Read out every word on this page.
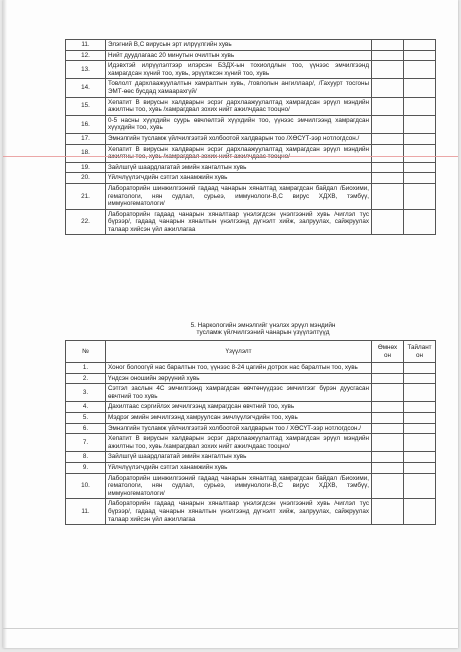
11.	Элэгний B,C вирусын эрт илрүүлгийн хувь		
12.	Нийт дуудлагаас 20 минутын очилтын хувь		
13.	Идэвхтэй илрүүлэлтээр илэрсэн БЗДХ-ын тохиолдлын тоо, үүнээс эмчилгээнд хамрагдсан хүний тоо, хувь, эрүүлжсэн хүний тоо, хувь		
14.	Товлолт дархлаажуулалтын хамралтын хувь, /товлолын ангиллаар/, /Гахуурт тосгоны ЭМТ-өөс бусдад хамаарахгүй/		
15.	Хепатит В вирусын халдварын эсрэг дархлаажуулалтад хамрагдсан эрүүл мэндийн ажилтны тоо, хувь /хамрагдвал зохих нийт ажилчдаас тооцно/		
16.	0-5 насны хүүхдийн суурь өвчлөлтэй хүүхдийн тоо, үүнээс эмчилгээнд хамрагдсан хүүхдийн тоо, хувь		
17.	Эмнэлгийн тусламж үйлчилгээтэй холбоотой халдварын тоо /ХӨСҮТ-ээр нотлогдсон./		
18.	Хепатит В вирусын халдварын эсрэг дархлаажуулалтад хамрагдсан эрүүл мэндийн		
19.	Зайлшгүй шаардлагатай эмийн хангалтын хувь		
20.	Үйлчлүүлэгчдийн сэтгэл ханамжийн хувь		
21.	Лабораторийн шинжилгээний гадаад чанарын хяналтад хамрагдсан байдал /Биохими, гематологи, нян судлал, сурьеэ, иммунологи-В,С вирус ХДХВ, тэмбүү, иммуногематологи/		
22.	Лабораторийн гадаад чанарын хяналтаар үнэлэгдсэн үнэлгээний хувь /чиглэл тус бүрээр/, гадаад чанарын хяналтын үнэлгээнд дүгнэлт хийж, залруулах, сайжруулах талаар хийсэн үйл ажиллагаа		
5. Наркологийн эмнэлгийг үнэлэх эрүүл мэндийн
тусламж үйлчилгээний чанарын үзүүлэлтүүд
№	Үзүүлэлт	Өмнөх он	Тайлант он
1.	Хоног болоогүй нас баралтын тоо, үүнээс 8-24 цагийн дотрох нас баралтын тоо, хувь		
2.	Үндсэн оношийн зөрүүний хувь		
3.	Сэтгэл заслын 4С эмчилгээнд хамрагдсан өвчтөнүүдээс эмчилгээг бүрэн дуусгасан өвчтний тоо хувь		
4.	Дахилтаас сэргийлэх эмчилгээнд хамрагдсан өвчтний тоо, хувь		
5.	Мэдрэг эмийн эмчилгээнд хамруулсан эмчлүүлэгчдийн тоо, хувь		
6.	Эмнэлгийн тусламж үйлчилгээтэй холбоотой халдварын тоо / ХӨСҮТ-ээр нотлогдсон./		
7.	Хепатит В вирусын халдварын эсрэг дархлаажуулалтад хамрагдсан эрүүл мэндийн ажилтны тоо, хувь /хамрагдвал зохих нийт ажилчдаас тооцно/		
8.	Зайлшгүй шаардлагатай эмийн хангалтын хувь		
9.	Үйлчлүүлэгчдийн сэтгэл ханамжийн хувь		
10.	Лабораторийн шинжилгээний гадаад чанарын хяналтад хамрагдсан байдал /Биохими, гематологи, нян судлал, сурьеэ, иммунологи-В,С вирус ХДХВ, тэмбүү, иммуногематологи/		
11.	Лабораторийн гадаад чанарын хяналтаар үнэлэгдсэн үнэлгээний хувь /чиглэл тус бүрээр/, гадаад чанарын хяналтын үнэлгээнд дүгнэлт хийж, залруулах, сайжруулах талаар хийсэн үйл ажиллагаа		
